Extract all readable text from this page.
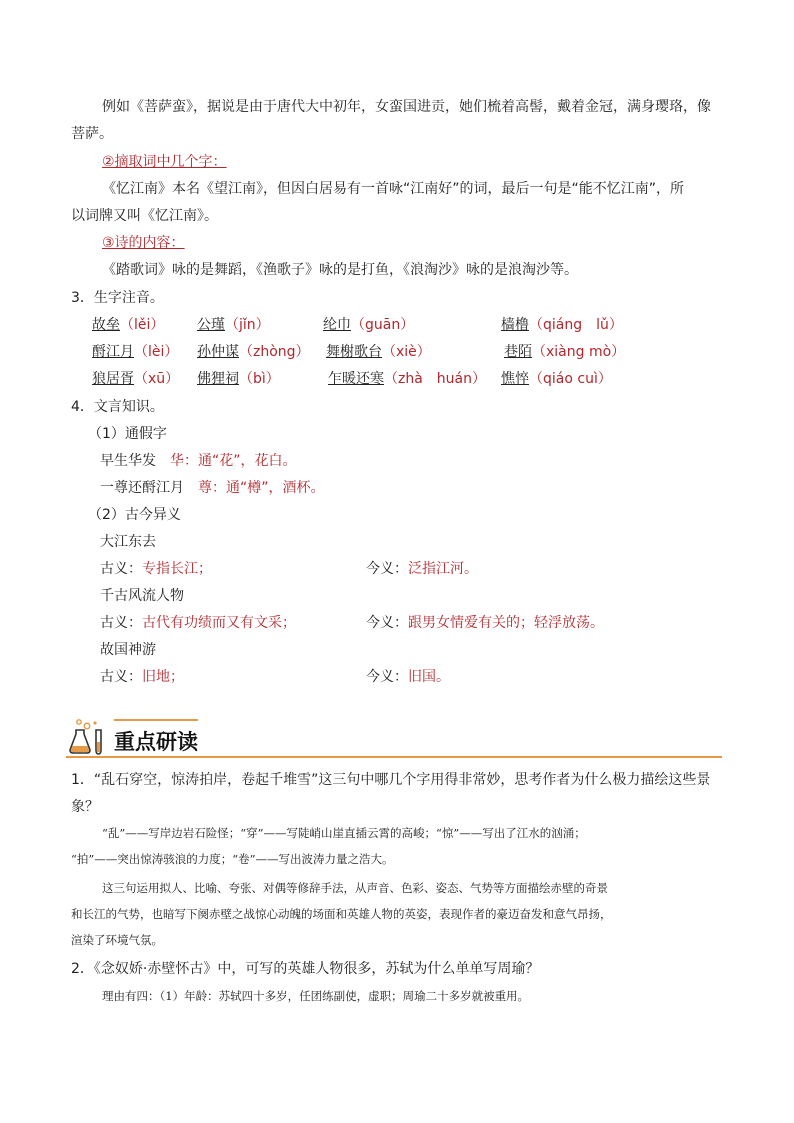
例如《菩萨蛮》，据说是由于唐代大中初年，女蛮国进贡，她们梳着高髻，戴着金冠，满身璎珞，像
菩萨。
②摘取词中几个字：
《忆江南》本名《望江南》，但因白居易有一首咏“江南好”的词，最后一句是“能不忆江南”，所
以词牌又叫《忆江南》。
③诗的内容：
《踏歌词》咏的是舞蹈，《渔歌子》咏的是打鱼，《浪淘沙》咏的是浪淘沙等。
3．生字注音。
故垒（lěi） 公瑾（jǐn）	纶巾（guān）	樯橹（qiáng　lǔ）
酹江月（lèi） 孙仲谋（zhòng） 舞榭歌台（xiè）	巷陌（xiàng mò）
狼居胥（xū） 佛狸祠（bì）	乍暖还寒（zhà　huán） 憔悴（qiáo cuì）
4．文言知识。
（1）通假字
早生华发　 华：通“花”，花白。
一尊还酹江月　 尊：通“樽”，酒杯。
（2）古今异义
大江东去
古义：专指长江；	今义：泛指江河。
千古风流人物
古义：古代有功绩而又有文采；	今义：跟男女情爱有关的；轻浮放荡。
故国神游
古义：旧地；	今义：旧国。
重点研读
1．“乱石穿空，惊涛拍岸，卷起千堆雪”这三句中哪几个字用得非常妙，思考作者为什么极力描绘这些景
象？
“乱”——写岸边岩石险怪；“穿”——写陡峭山崖直插云霄的高峻；“惊”——写出了江水的汹涌；
“拍”——突出惊涛骇浪的力度；“卷”——写出波涛力量之浩大。
这三句运用拟人、比喻、夸张、对偶等修辞手法，从声音、色彩、姿态、气势等方面描绘赤壁的奇景
和长江的气势，也暗写下阕赤壁之战惊心动魄的场面和英雄人物的英姿，表现作者的豪迈奋发和意气昂扬，
渲染了环境气氛。
2．《念奴娇·赤壁怀古》中，可写的英雄人物很多，苏轼为什么单单写周瑜？
理由有四：（1）年龄：苏轼四十多岁，任团练副使，虚职；周瑜二十多岁就被重用。
